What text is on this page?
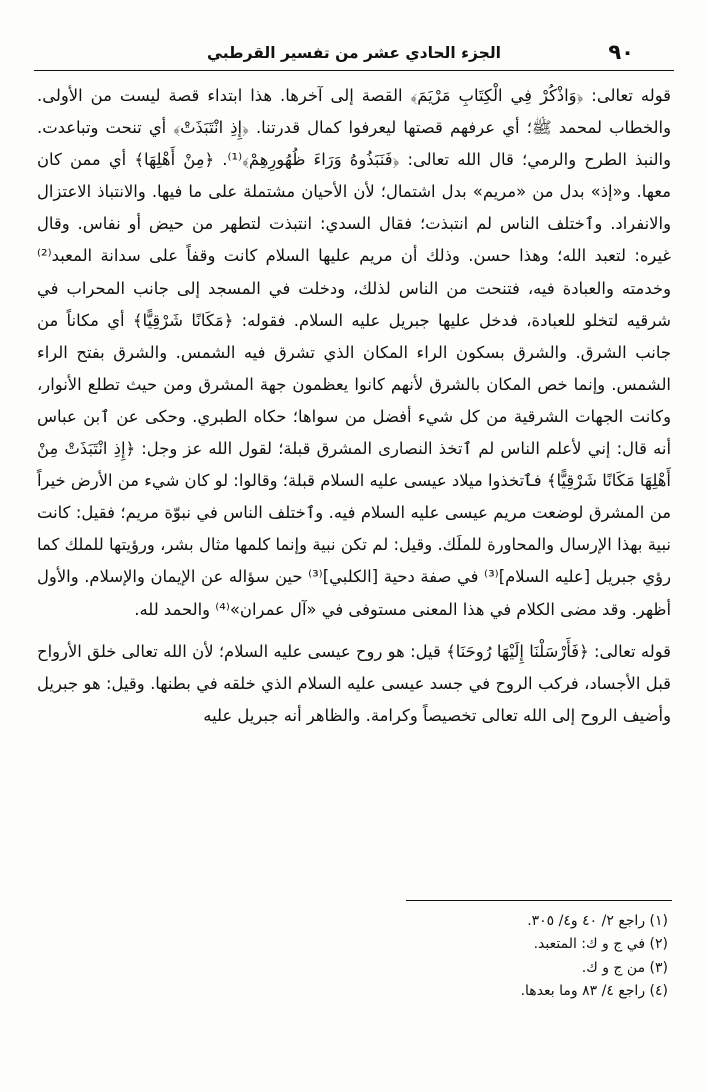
٩٠
الجزء الحادي عشر من تفسير القرطبي

قوله تعالى: ﴿وَاذْكُرْ فِي الْكِتَابِ مَرْيَمَ﴾ القصة إلى آخرها. هذا ابتداء قصة ليست من الأولى. والخطاب لمحمد ﷺ؛ أي عرفهم قصتها ليعرفوا كمال قدرتنا. ﴿إِذِ انْتَبَذَتْ﴾ أي تنحت وتباعدت. والنبذ الطرح والرمي؛ قال الله تعالى: ﴿فَنَبَذُوهُ وَرَاءَ ظُهُورِهِمْ﴾⁽¹⁾. ﴿مِنْ أَهْلِهَا﴾ أي ممن كان معها. و«إذ» بدل من «مريم» بدل اشتمال؛ لأن الأحيان مشتملة على ما فيها. والانتباذ الاعتزال والانفراد. وٱختلف الناس لم انتبذت؛ فقال السدي: انتبذت لتطهر من حيض أو نفاس. وقال غيره: لتعبد الله؛ وهذا حسن. وذلك أن مريم عليها السلام كانت وقفاً على سدانة المعبد⁽²⁾ وخدمته والعبادة فيه، فتنحت من الناس لذلك، ودخلت في المسجد إلى جانب المحراب في شرقيه لتخلو للعبادة، فدخل عليها جبريل عليه السلام. فقوله: ﴿مَكَانًا شَرْقِيًّا﴾ أي مكاناً من جانب الشرق. والشرق بسكون الراء المكان الذي تشرق فيه الشمس. والشرق بفتح الراء الشمس. وإنما خص المكان بالشرق لأنهم كانوا يعظمون جهة المشرق ومن حيث تطلع الأنوار، وكانت الجهات الشرقية من كل شيء أفضل من سواها؛ حكاه الطبري. وحكى عن ٱبن عباس أنه قال: إني لأعلم الناس لم ٱتخذ النصارى المشرق قبلة؛ لقول الله عز وجل: ﴿إِذِ انْتَبَذَتْ مِنْ أَهْلِهَا مَكَانًا شَرْقِيًّا﴾ فٱتخذوا ميلاد عيسى عليه السلام قبلة؛ وقالوا: لو كان شيء من الأرض خيراً من المشرق لوضعت مريم عيسى عليه السلام فيه. وٱختلف الناس في نبوّة مريم؛ فقيل: كانت نبية بهذا الإرسال والمحاورة للملَك. وقيل: لم تكن نبية وإنما كلمها مثال بشر، ورؤيتها للملك كما رؤي جبريل [عليه السلام]⁽³⁾ في صفة دحية [الكلبي]⁽³⁾ حين سؤاله عن الإيمان والإسلام. والأول أظهر. وقد مضى الكلام في هذا المعنى مستوفى في «آل عمران»⁽⁴⁾ والحمد لله.

قوله تعالى: ﴿فَأَرْسَلْنَا إِلَيْهَا رُوحَنَا﴾ قيل: هو روح عيسى عليه السلام؛ لأن الله تعالى خلق الأرواح قبل الأجساد، فركب الروح في جسد عيسى عليه السلام الذي خلقه في بطنها. وقيل: هو جبريل وأضيف الروح إلى الله تعالى تخصيصاً وكرامة. والظاهر أنه جبريل عليه

(١) راجع ٢/ ٤٠ و٤/ ٣٠٥.
(٢) في ج و ك: المتعبد.
(٣) من ج و ك.
(٤) راجع ٤/ ٨٣ وما بعدها.
